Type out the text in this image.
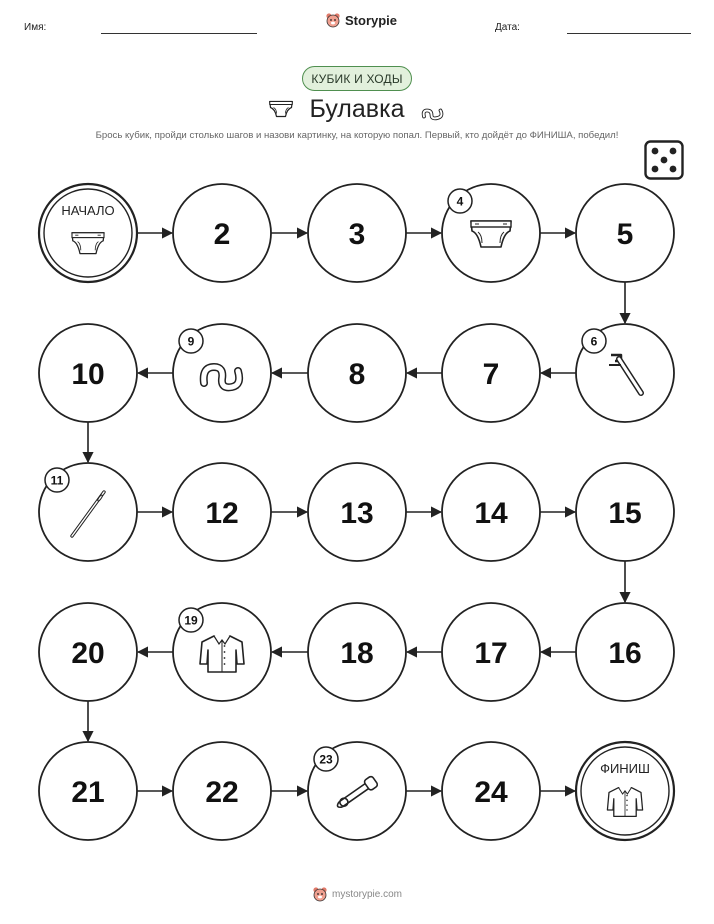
Имя:	Storypie	Дата:
КУБИК И ХОДЫ
Булавка
Брось кубик, пройди столько шагов и назови картинку, на которую попал. Первый, кто дойдёт до ФИНИША, победил!
НАЧАЛО
2	3
4
5
6
7
8
9
10
11
12	13	14	15
16
17
18
19
20
21	22
23
24
ФИНИШ
mystorypie.com
